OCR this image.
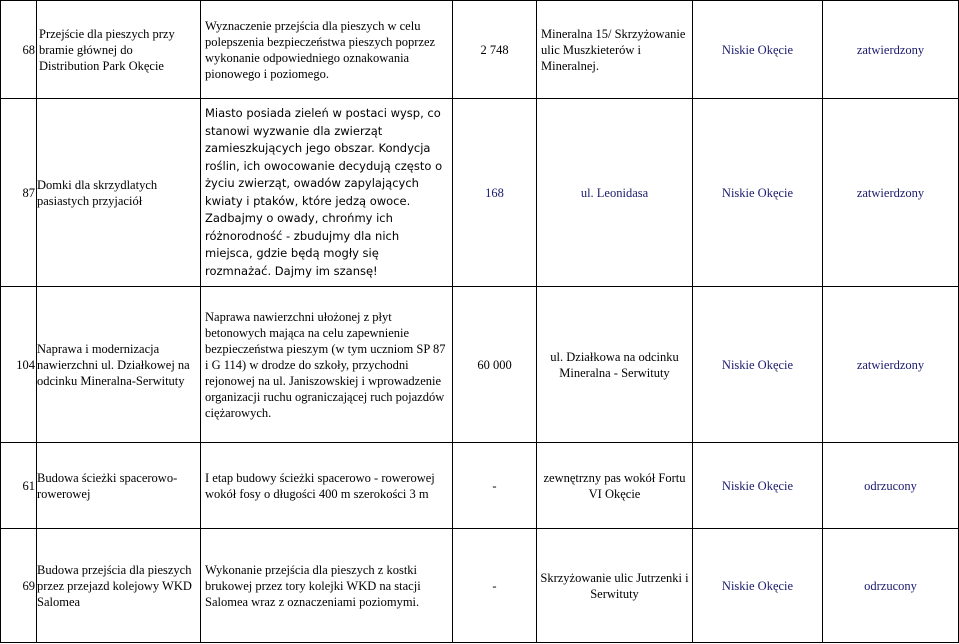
68	Przejście dla pieszych przy bramie głównej do Distribution Park Okęcie	Wyznaczenie przejścia dla pieszych w celu polepszenia bezpieczeństwa pieszych poprzez wykonanie odpowiedniego oznakowania pionowego i poziomego.	2 748	Mineralna 15/ Skrzyżowanie ulic Muszkieterów i Mineralnej.	Niskie Okęcie	zatwierdzony
87	Domki dla skrzydlatych pasiastych przyjaciół	Miasto posiada zieleń w postaci wysp, co stanowi wyzwanie dla zwierząt zamieszkujących jego obszar. Kondycja roślin, ich owocowanie decydują często o życiu zwierząt, owadów zapylających kwiaty i ptaków, które jedzą owoce. Zadbajmy o owady, chrońmy ich różnorodność - zbudujmy dla nich miejsca, gdzie będą mogły się rozmnażać. Dajmy im szansę!	168	ul. Leonidasa	Niskie Okęcie	zatwierdzony
104	Naprawa i modernizacja nawierzchni ul. Działkowej na odcinku Mineralna-Serwituty	Naprawa nawierzchni ułożonej z płyt betonowych mająca na celu zapewnienie bezpieczeństwa pieszym (w tym uczniom SP 87 i G 114) w drodze do szkoły, przychodni rejonowej na ul. Janiszowskiej i wprowadzenie organizacji ruchu ograniczającej ruch pojazdów ciężarowych.	60 000	ul. Działkowa na odcinku Mineralna - Serwituty	Niskie Okęcie	zatwierdzony
61	Budowa ścieżki spacerowo-rowerowej	I etap budowy ścieżki spacerowo - rowerowej wokół fosy o długości 400 m szerokości 3 m	-	zewnętrzny pas wokół Fortu VI Okęcie	Niskie Okęcie	odrzucony
69	Budowa przejścia dla pieszych przez przejazd kolejowy WKD Salomea	Wykonanie przejścia dla pieszych z kostki brukowej przez tory kolejki WKD na stacji Salomea wraz z oznaczeniami poziomymi.	-	Skrzyżowanie ulic Jutrzenki i Serwituty	Niskie Okęcie	odrzucony
